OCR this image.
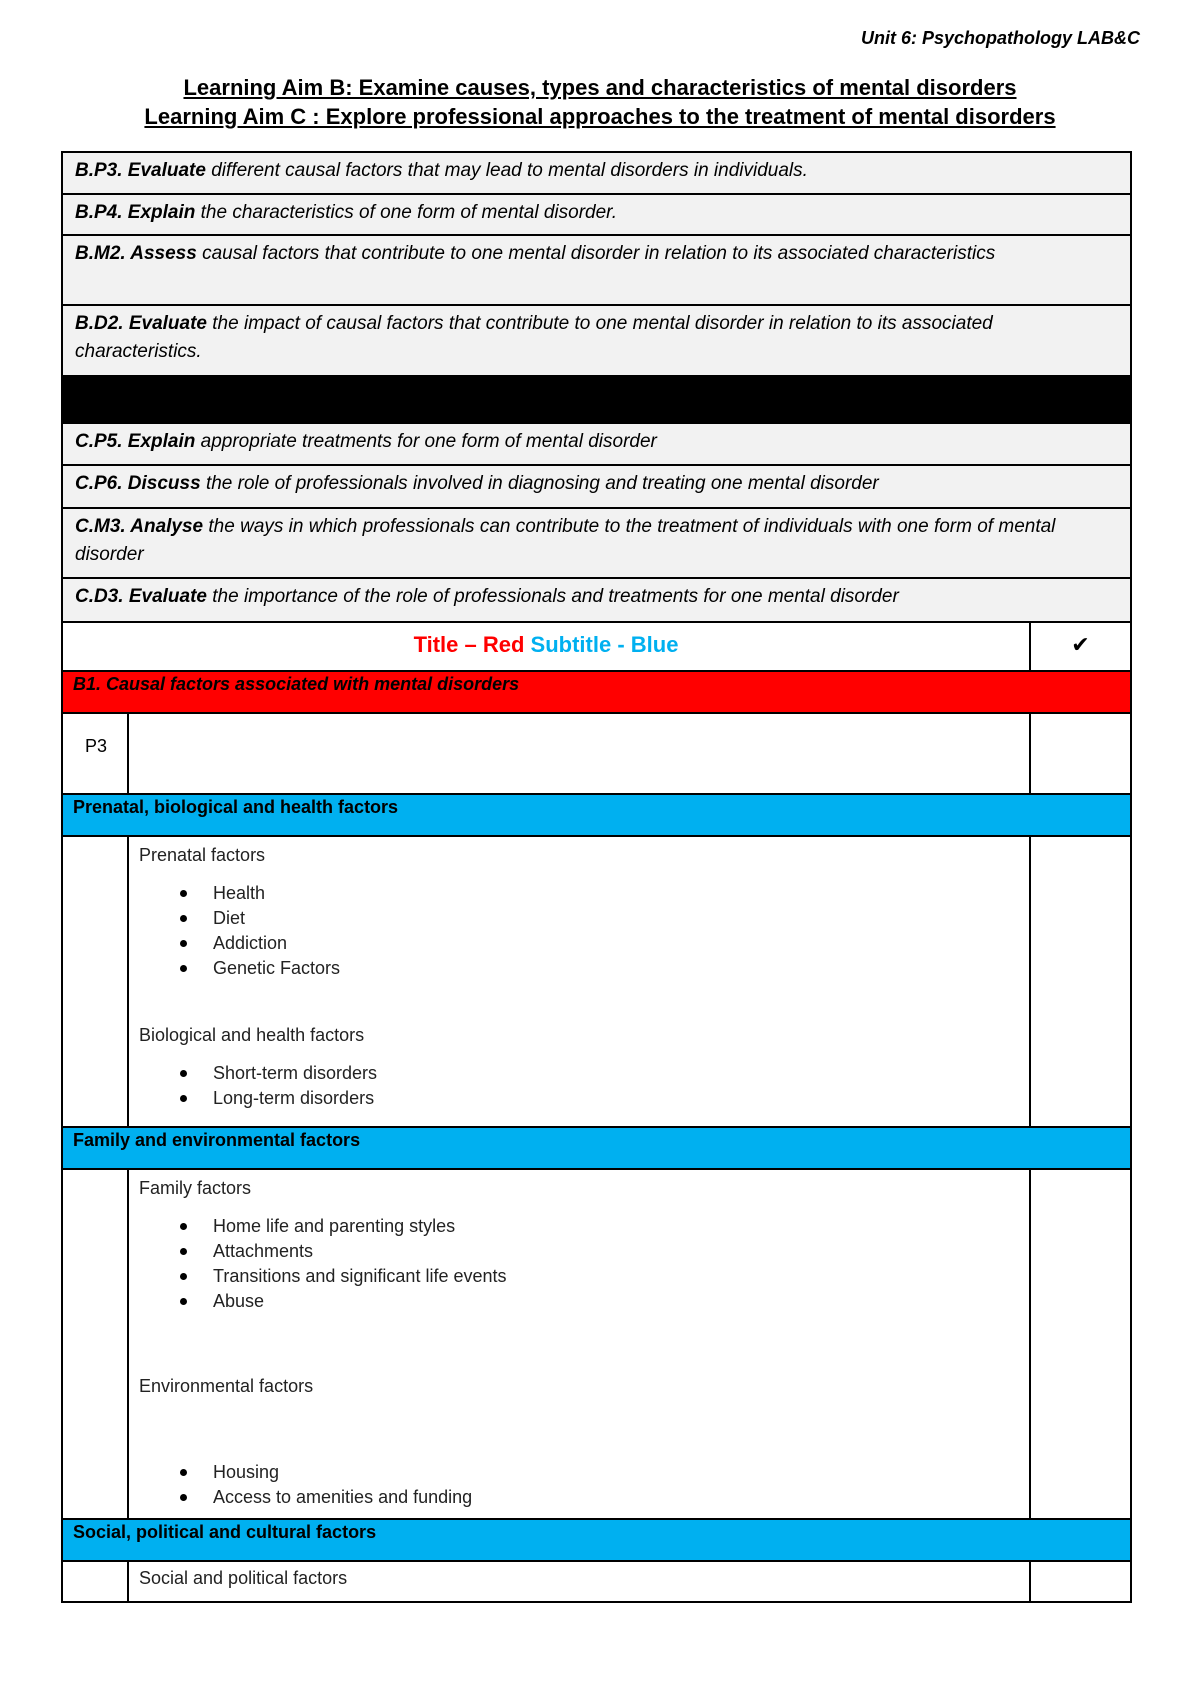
Unit 6: Psychopathology LAB&C
Learning Aim B: Examine causes, types and characteristics of mental disorders
Learning Aim C : Explore professional approaches to the treatment of mental disorders
B.P3. Evaluate different causal factors that may lead to mental disorders in individuals.
B.P4. Explain the characteristics of one form of mental disorder.
B.M2. Assess causal factors that contribute to one mental disorder in relation to its associated characteristics
B.D2. Evaluate the impact of causal factors that contribute to one mental disorder in relation to its associated characteristics.
C.P5. Explain appropriate treatments for one form of mental disorder
C.P6. Discuss the role of professionals involved in diagnosing and treating one mental disorder
C.M3. Analyse the ways in which professionals can contribute to the treatment of individuals with one form of mental disorder
C.D3. Evaluate the importance of the role of professionals and treatments for one mental disorder
Title – Red Subtitle - Blue	✔
B1. Causal factors associated with mental disorders
P3
Prenatal, biological and health factors
Prenatal factors
Health
Diet
Addiction
Genetic Factors
Biological and health factors
Short-term disorders
Long-term disorders
Family and environmental factors
Family factors
Home life and parenting styles
Attachments
Transitions and significant life events
Abuse
Environmental factors
Housing
Access to amenities and funding
Social, political and cultural factors
Social and political factors
